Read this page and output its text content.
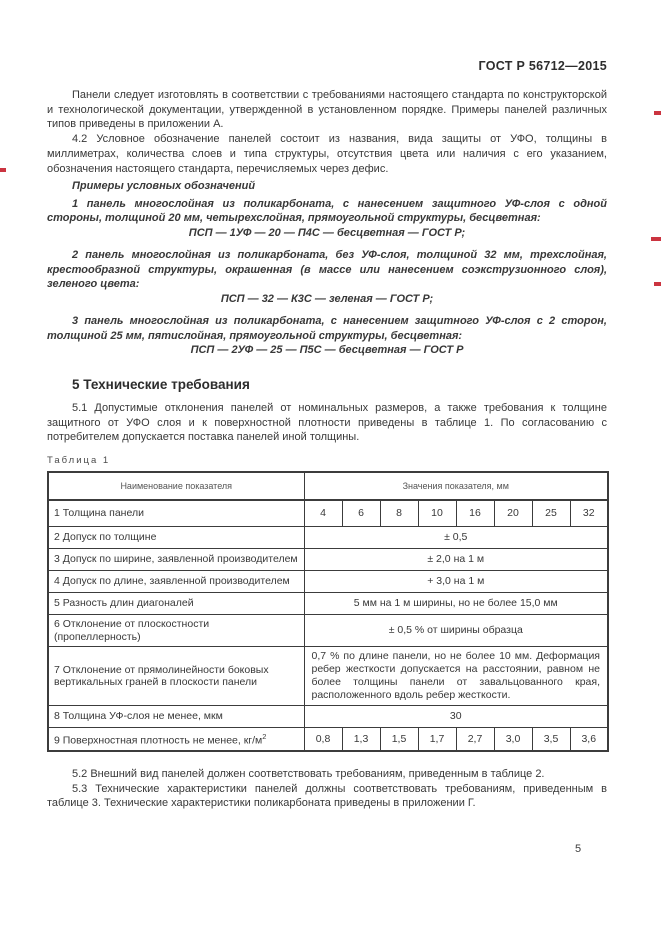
ГОСТ Р 56712—2015

Панели следует изготовлять в соответствии с требованиями настоящего стандарта по конструкторской и технологической документации, утвержденной в установленном порядке. Примеры панелей различных типов приведены в приложении А.

4.2 Условное обозначение панелей состоит из названия, вида защиты от УФО, толщины в миллиметрах, количества слоев и типа структуры, отсутствия цвета или наличия с его указанием, обозначения настоящего стандарта, перечисляемых через дефис.

Примеры условных обозначений

1 панель многослойная из поликарбоната, с нанесением защитного УФ-слоя с одной стороны, толщиной 20 мм, четырехслойная, прямоугольной структуры, бесцветная:

ПСП — 1УФ — 20 — П4С — бесцветная — ГОСТ Р;

2 панель многослойная из поликарбоната, без УФ-слоя, толщиной 32 мм, трехслойная, крестообразной структуры, окрашенная (в массе или нанесением соэкструзионного слоя), зеленого цвета:

ПСП — 32 — К3С — зеленая — ГОСТ Р;

3 панель многослойная из поликарбоната, с нанесением защитного УФ-слоя с 2 сторон, толщиной 25 мм, пятислойная, прямоугольной структуры, бесцветная:

ПСП — 2УФ — 25 — П5С — бесцветная — ГОСТ Р

5 Технические требования

5.1 Допустимые отклонения панелей от номинальных размеров, а также требования к толщине защитного от УФО слоя и к поверхностной плотности приведены в таблице 1. По согласованию с потребителем допускается поставка панелей иной толщины.

Таблица 1
Наименование показателя	Значения показателя, мм							
1 Толщина панели	4	6	8	10	16	20	25	32
2 Допуск по толщине	± 0,5							
3 Допуск по ширине, заявленной производителем	± 2,0 на 1 м							
4 Допуск по длине, заявленной производителем	+ 3,0 на 1 м							
5 Разность длин диагоналей	5 мм на 1 м ширины, но не более 15,0 мм							
6 Отклонение от плоскостности (пропеллерность)	± 0,5 % от ширины образца							
7 Отклонение от прямолинейности боковых вертикальных граней в плоскости панели	0,7 % по длине панели, но не более 10 мм. Деформация ребер жесткости допускается на расстоянии, равном не более толщины панели от завальцованного края, расположенного вдоль ребер жесткости.							
8 Толщина УФ-слоя не менее, мкм	30							
9 Поверхностная плотность не менее, $кг/м^2$	0,8	1,3	1,5	1,7	2,7	3,0	3,5	3,6

5.2 Внешний вид панелей должен соответствовать требованиям, приведенным в таблице 2.

5.3 Технические характеристики панелей должны соответствовать требованиям, приведенным в таблице 3. Технические характеристики поликарбоната приведены в приложении Г.

5
